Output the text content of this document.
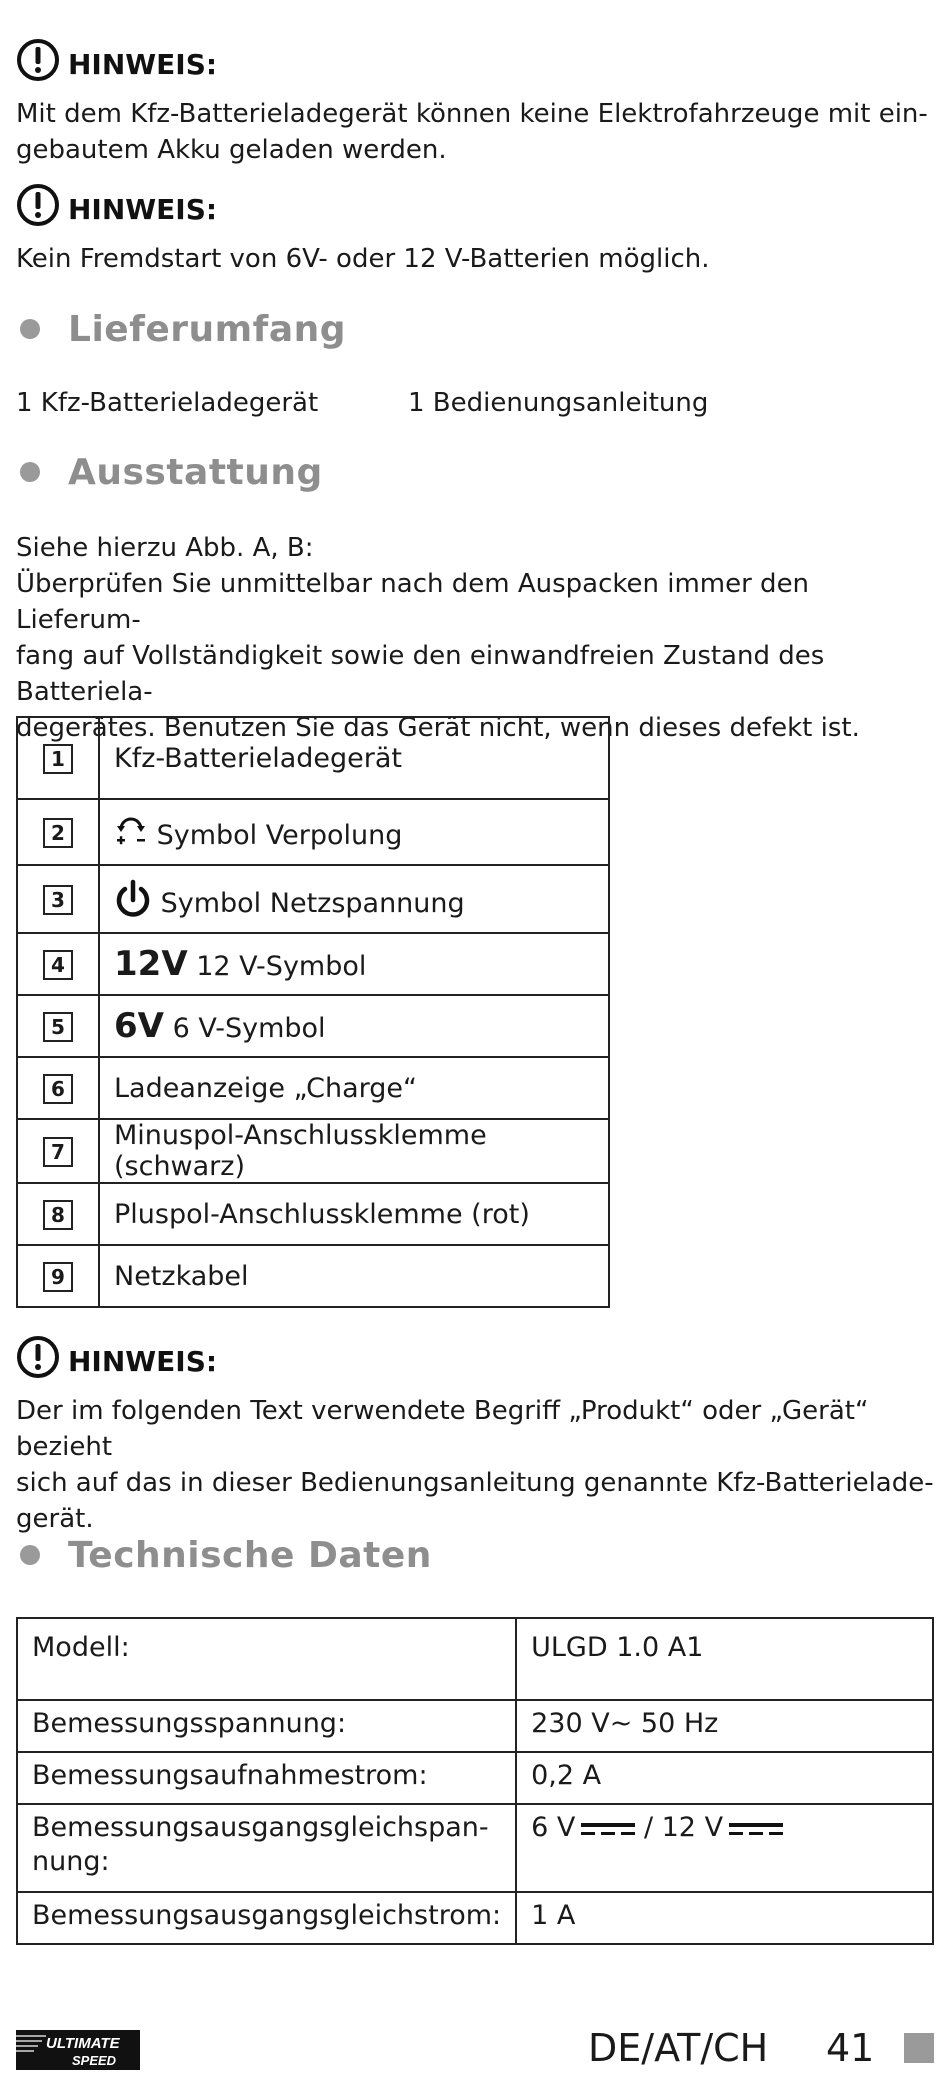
HINWEIS:
Mit dem Kfz-Batterieladegerät können keine Elektrofahrzeuge mit ein-
gebautem Akku geladen werden.
HINWEIS:
Kein Fremdstart von 6V- oder 12 V-Batterien möglich.
Lieferumfang
1 Kfz-Batterieladegerät	1 Bedienungsanleitung
Ausstattung
Siehe hierzu Abb. A, B:
Überprüfen Sie unmittelbar nach dem Auspacken immer den Lieferum-
fang auf Vollständigkeit sowie den einwandfreien Zustand des Batteriela-
degerätes. Benutzen Sie das Gerät nicht, wenn dieses defekt ist.
1	Kfz-Batterieladegerät
2	Symbol Verpolung
3	Symbol Netzspannung
4	12V 12 V-Symbol
5	6V 6 V-Symbol
6	Ladeanzeige „Charge“
7	Minuspol-Anschlussklemme (schwarz)
8	Pluspol-Anschlussklemme (rot)
9	Netzkabel
HINWEIS:
Der im folgenden Text verwendete Begriff „Produkt“ oder „Gerät“ bezieht
sich auf das in dieser Bedienungsanleitung genannte Kfz-Batterielade-
gerät.
Technische Daten
Modell:	ULGD 1.0 A1
Bemessungsspannung:	230 V~ 50 Hz
Bemessungsaufnahmestrom:	0,2 A

Bemessungsausgangsgleichspan-
nung:	6 V / 12 V
Bemessungsausgangsgleichstrom:	1 A
ULTIMATE
SPEED	DE/AT/CH 41
